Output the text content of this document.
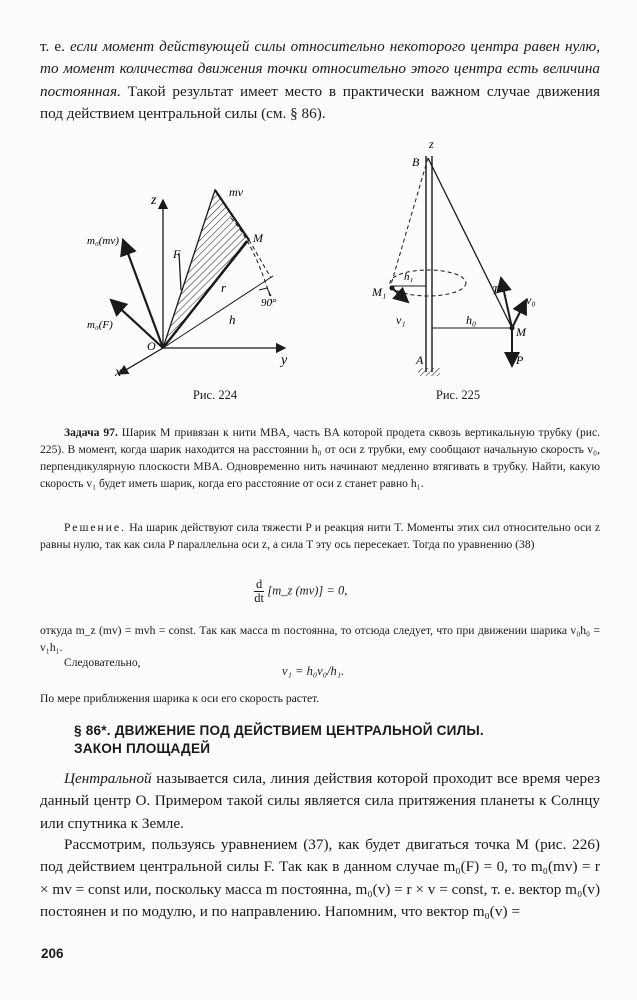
т. е. если момент действующей силы относительно некоторого центра равен нулю, то момент количества движения точки относительно этого центра есть величина постоянная. Такой результат имеет место в практически важном случае движения под действием центральной силы (см. § 86).
z
y
x
O
mv
M
F
r
h
90°
m₀(mv)
m₀(F)
Рис. 224
z
B
A
M
M₁
h₁
h₀
T
v₀
v₁
P
Рис. 225
Задача 97. Шарик M привязан к нити MBA, часть BA которой продета сквозь вертикальную трубку (рис. 225). В момент, когда шарик находится на расстоянии h₀ от оси z трубки, ему сообщают начальную скорость v₀, перпендикулярную плоскости MBA. Одновременно нить начинают медленно втягивать в трубку. Найти, какую скорость v₁ будет иметь шарик, когда его расстояние от оси z станет равно h₁.
Решение. На шарик действуют сила тяжести P и реакция нити T. Моменты этих сил относительно оси z равны нулю, так как сила P параллельна оси z, а сила T эту ось пересекает. Тогда по уравнению (38)
$\frac{d}{dt}$ [m_z (mv)] = 0,
откуда m_z (mv) = mvh = const. Так как масса m постоянна, то отсюда следует, что при движении шарика v₀h₀ = v₁h₁.
Следовательно,
v₁ = h₀v₀/h₁.
По мере приближения шарика к оси его скорость растет.
§ 86*. ДВИЖЕНИЕ ПОД ДЕЙСТВИЕМ ЦЕНТРАЛЬНОЙ СИЛЫ.
ЗАКОН ПЛОЩАДЕЙ
Центральной называется сила, линия действия которой проходит все время через данный центр O. Примером такой силы является сила притяжения планеты к Солнцу или спутника к Земле.
Рассмотрим, пользуясь уравнением (37), как будет двигаться точка M (рис. 226) под действием центральной силы F. Так как в данном случае m₀(F) = 0, то m₀(mv) = r × mv = const или, поскольку масса m постоянна, m₀(v) = r × v = const, т. е. вектор m₀(v) постоянен и по модулю, и по направлению. Напомним, что вектор m₀(v) =
206
